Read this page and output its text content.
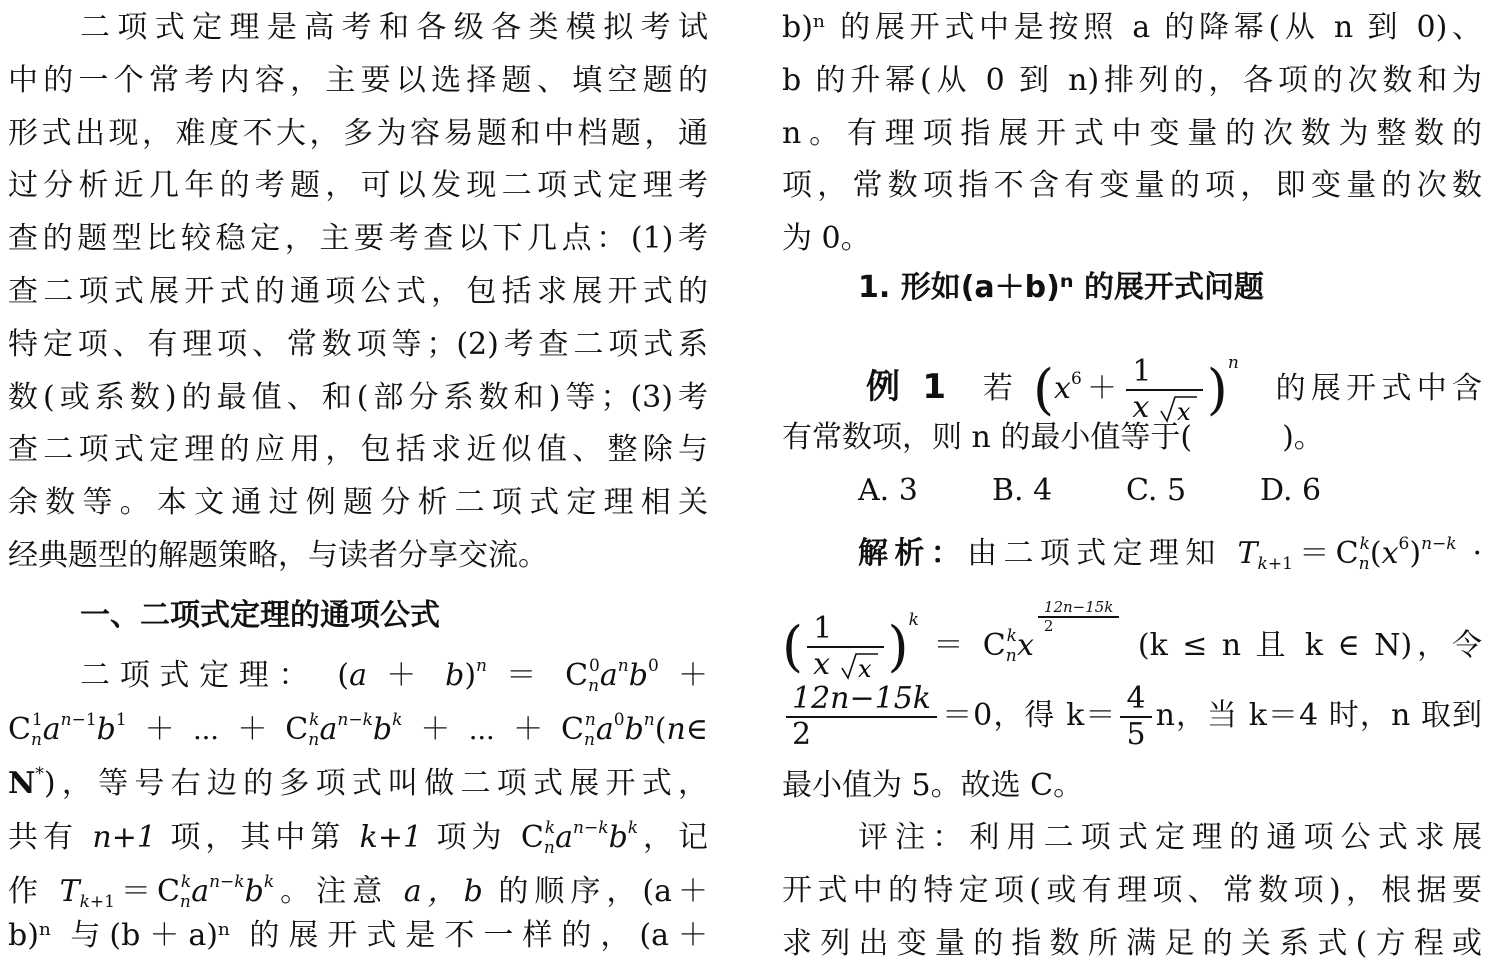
二项式定理是高考和各级各类模拟考试
中的一个常考内容，主要以选择题、填空题的
形式出现，难度不大，多为容易题和中档题，通
过分析近几年的考题，可以发现二项式定理考
查的题型比较稳定，主要考查以下几点：(1)考
查二项式展开式的通项公式，包括求展开式的
特定项、有理项、常数项等；(2)考查二项式系
数(或系数)的最值、和(部分系数和)等；(3)考
查二项式定理的应用，包括求近似值、整除与
余数等。本文通过例题分析二项式定理相关
经典题型的解题策略，与读者分享交流。
一、二项式定理的通项公式
二项式定理： $(a + b)^n = C_n^0a^nb^0$ ＋
$C_n^1a^{n-1}b^1+\cdots+C_n^ka^{n-k}b^k+\cdots+C_n^na^0b^n(n\in$
N*)，等号右边的多项式叫做二项式展开式，
共有 n+1 项，其中第 k+1 项为 $C_n^ka^{n-k}b^k$，记
作 $T_{k+1}=C_n^ka^{n-k}b^k$。注意 a，b 的顺序，(a＋
b)ⁿ 与(b＋a)ⁿ 的展开式是不一样的，(a＋
b)ⁿ 的展开式中是按照 a 的降幂(从 n 到 0)、
b 的升幂(从 0 到 n)排列的，各项的次数和为
n。有理项指展开式中变量的次数为整数的
项，常数项指不含有变量的项，即变量的次数
为 0。
1. 形如(a＋b)ⁿ 的展开式问题
例 1 若 $(x^6+ \frac{1}{\text{x x}} )^n$ 的展开式中含
有常数项，则 n 的最小值等于(　　　)。
A. 3 B. 4 C. 5 D. 6
解析：由二项式定理知 $T_{k+1}=C_n^k(x^6)^{n-k}$ ·
( $\frac{1}{\text{x x}} )^k = C_n^kx$
$\frac{12n-15k}{2}$
(k ≤ n 且 k ∈ N)，令
$\frac{12n-15k}{2} =0$，得 $k= \frac{4}{5}$ n，当 k＝4 时，n 取到
最小值为 5。故选 C。
评注：利用二项式定理的通项公式求展
开式中的特定项(或有理项、常数项)，根据要
求列出变量的指数所满足的关系式(方程或
